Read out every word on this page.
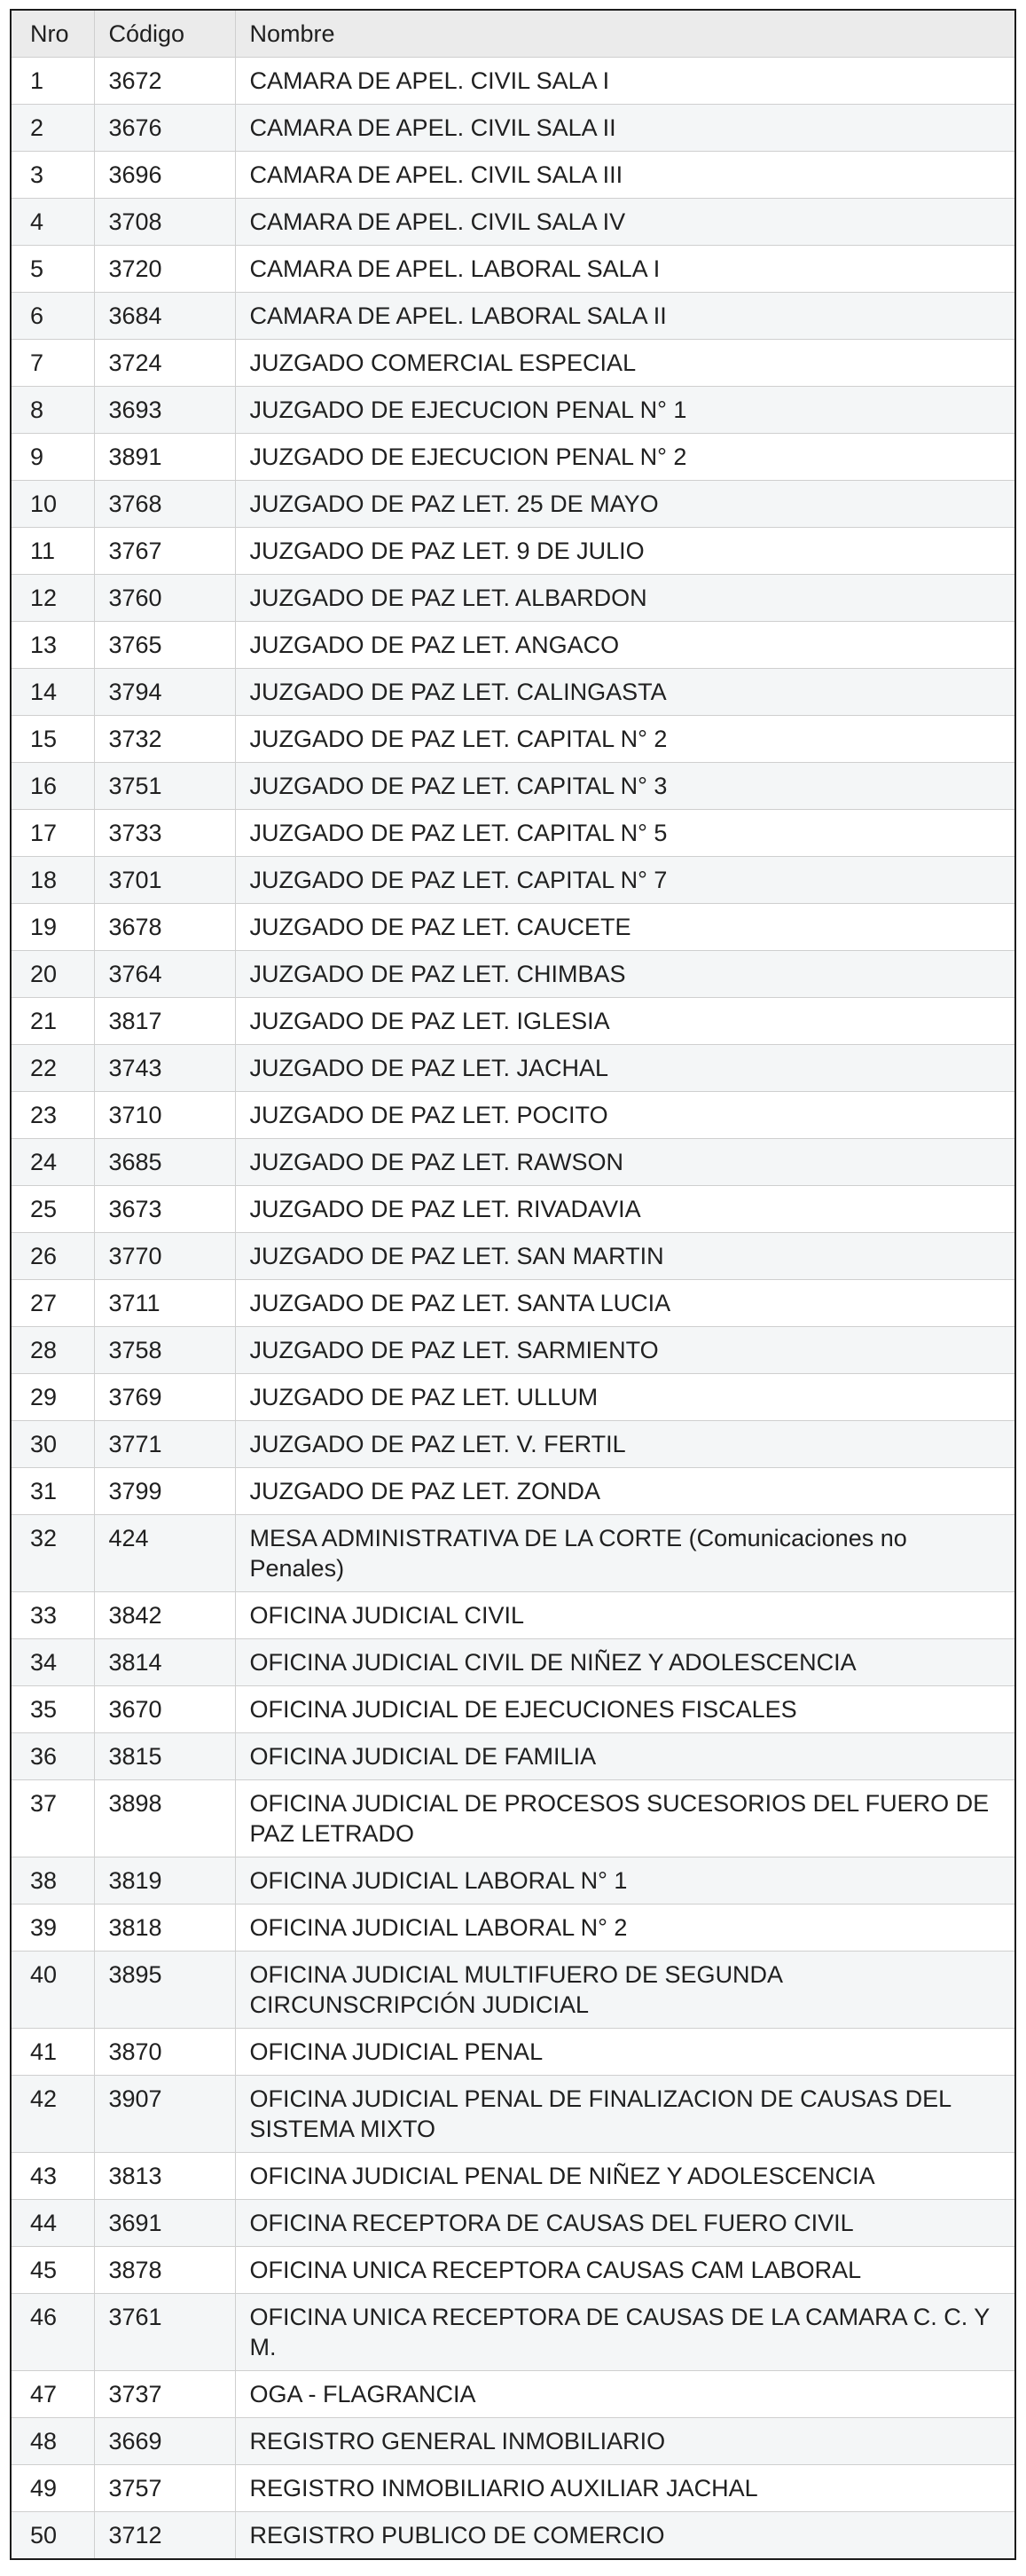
Nro	Código	Nombre
1	3672	CAMARA DE APEL. CIVIL SALA I
2	3676	CAMARA DE APEL. CIVIL SALA II
3	3696	CAMARA DE APEL. CIVIL SALA III
4	3708	CAMARA DE APEL. CIVIL SALA IV
5	3720	CAMARA DE APEL. LABORAL SALA I
6	3684	CAMARA DE APEL. LABORAL SALA II
7	3724	JUZGADO COMERCIAL ESPECIAL
8	3693	JUZGADO DE EJECUCION PENAL N° 1
9	3891	JUZGADO DE EJECUCION PENAL N° 2
10	3768	JUZGADO DE PAZ LET. 25 DE MAYO
11	3767	JUZGADO DE PAZ LET. 9 DE JULIO
12	3760	JUZGADO DE PAZ LET. ALBARDON
13	3765	JUZGADO DE PAZ LET. ANGACO
14	3794	JUZGADO DE PAZ LET. CALINGASTA
15	3732	JUZGADO DE PAZ LET. CAPITAL N° 2
16	3751	JUZGADO DE PAZ LET. CAPITAL N° 3
17	3733	JUZGADO DE PAZ LET. CAPITAL N° 5
18	3701	JUZGADO DE PAZ LET. CAPITAL N° 7
19	3678	JUZGADO DE PAZ LET. CAUCETE
20	3764	JUZGADO DE PAZ LET. CHIMBAS
21	3817	JUZGADO DE PAZ LET. IGLESIA
22	3743	JUZGADO DE PAZ LET. JACHAL
23	3710	JUZGADO DE PAZ LET. POCITO
24	3685	JUZGADO DE PAZ LET. RAWSON
25	3673	JUZGADO DE PAZ LET. RIVADAVIA
26	3770	JUZGADO DE PAZ LET. SAN MARTIN
27	3711	JUZGADO DE PAZ LET. SANTA LUCIA
28	3758	JUZGADO DE PAZ LET. SARMIENTO
29	3769	JUZGADO DE PAZ LET. ULLUM
30	3771	JUZGADO DE PAZ LET. V. FERTIL
31	3799	JUZGADO DE PAZ LET. ZONDA
32	424	MESA ADMINISTRATIVA DE LA CORTE (Comunicaciones no Penales)
33	3842	OFICINA JUDICIAL CIVIL
34	3814	OFICINA JUDICIAL CIVIL DE NIÑEZ Y ADOLESCENCIA
35	3670	OFICINA JUDICIAL DE EJECUCIONES FISCALES
36	3815	OFICINA JUDICIAL DE FAMILIA
37	3898	OFICINA JUDICIAL DE PROCESOS SUCESORIOS DEL FUERO DE PAZ LETRADO
38	3819	OFICINA JUDICIAL LABORAL N° 1
39	3818	OFICINA JUDICIAL LABORAL N° 2
40	3895	OFICINA JUDICIAL MULTIFUERO DE SEGUNDA CIRCUNSCRIPCIÓN JUDICIAL
41	3870	OFICINA JUDICIAL PENAL
42	3907	OFICINA JUDICIAL PENAL DE FINALIZACION DE CAUSAS DEL SISTEMA MIXTO
43	3813	OFICINA JUDICIAL PENAL DE NIÑEZ Y ADOLESCENCIA
44	3691	OFICINA RECEPTORA DE CAUSAS DEL FUERO CIVIL
45	3878	OFICINA UNICA RECEPTORA CAUSAS CAM LABORAL
46	3761	OFICINA UNICA RECEPTORA DE CAUSAS DE LA CAMARA C. C. Y M.
47	3737	OGA - FLAGRANCIA
48	3669	REGISTRO GENERAL INMOBILIARIO
49	3757	REGISTRO INMOBILIARIO AUXILIAR JACHAL
50	3712	REGISTRO PUBLICO DE COMERCIO
